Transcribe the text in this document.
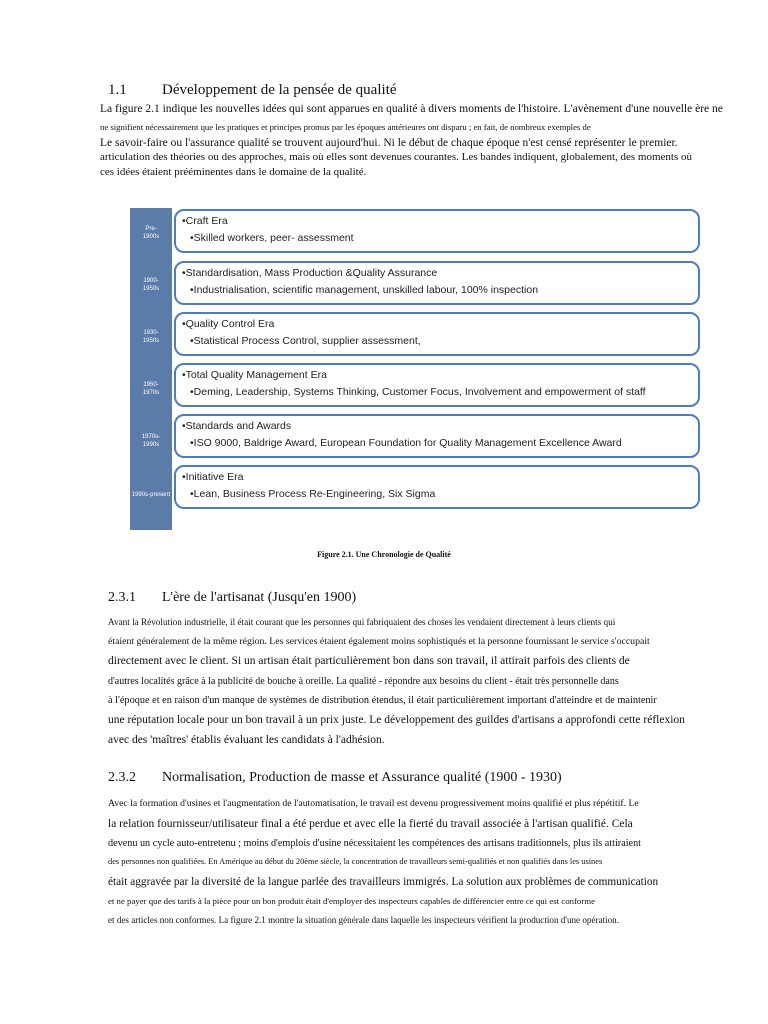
1.1 Développement de la pensée de qualité
La figure 2.1 indique les nouvelles idées qui sont apparues en qualité à divers moments de l'histoire. L'avènement d'une nouvelle ère ne
ne signifient nécessairement que les pratiques et principes promus par les époques antérieures ont disparu ; en fait, de nombreux exemples de
Le savoir-faire ou l'assurance qualité se trouvent aujourd'hui. Ni le début de chaque époque n'est censé représenter le premier.
articulation des théories ou des approches, mais où elles sont devenues courantes. Les bandes indiquent, globalement, des moments où
ces idées étaient prééminentes dans le domaine de la qualité.
Pre-
1900s
1900-
1950s
1930-
1950s
1950-
1970s
1970s-
1990s
1990s-present
•Craft Era
•Skilled workers, peer- assessment
•Standardisation, Mass Production &Quality Assurance
•Industrialisation, scientific management, unskilled labour, 100% inspection
•Quality Control Era
•Statistical Process Control, supplier assessment,
•Total Quality Management Era
•Deming, Leadership, Systems Thinking, Customer Focus, Involvement and empowerment of staff
•Standards and Awards
•ISO 9000, Baldrige Award, European Foundation for Quality Management Excellence Award
•Initiative Era
•Lean, Business Process Re-Engineering, Six Sigma
Figure 2.1. Une Chronologie de Qualité
2.3.1 L'ère de l'artisanat (Jusqu'en 1900)
Avant la Révolution industrielle, il était courant que les personnes qui fabriquaient des choses les vendaient directement à leurs clients qui
étaient généralement de la même région. Les services étaient également moins sophistiqués et la personne fournissant le service s'occupait
directement avec le client. Si un artisan était particulièrement bon dans son travail, il attirait parfois des clients de
d'autres localités grâce à la publicité de bouche à oreille. La qualité - répondre aux besoins du client - était très personnelle dans
à l'époque et en raison d'un manque de systèmes de distribution étendus, il était particulièrement important d'atteindre et de maintenir
une réputation locale pour un bon travail à un prix juste. Le développement des guildes d'artisans a approfondi cette réflexion
avec des 'maîtres' établis évaluant les candidats à l'adhésion.
2.3.2 Normalisation, Production de masse et Assurance qualité (1900 - 1930)
Avec la formation d'usines et l'augmentation de l'automatisation, le travail est devenu progressivement moins qualifié et plus répétitif. Le
la relation fournisseur/utilisateur final a été perdue et avec elle la fierté du travail associée à l'artisan qualifié. Cela
devenu un cycle auto-entretenu ; moins d'emplois d'usine nécessitaient les compétences des artisans traditionnels, plus ils attiraient
des personnes non qualifiées. En Amérique au début du 20ème siècle, la concentration de travailleurs semi-qualifiés et non qualifiés dans les usines
était aggravée par la diversité de la langue parlée des travailleurs immigrés. La solution aux problèmes de communication
et ne payer que des tarifs à la pièce pour un bon produit était d'employer des inspecteurs capables de différencier entre ce qui est conforme
et des articles non conformes. La figure 2.1 montre la situation générale dans laquelle les inspecteurs vérifient la production d'une opération.
